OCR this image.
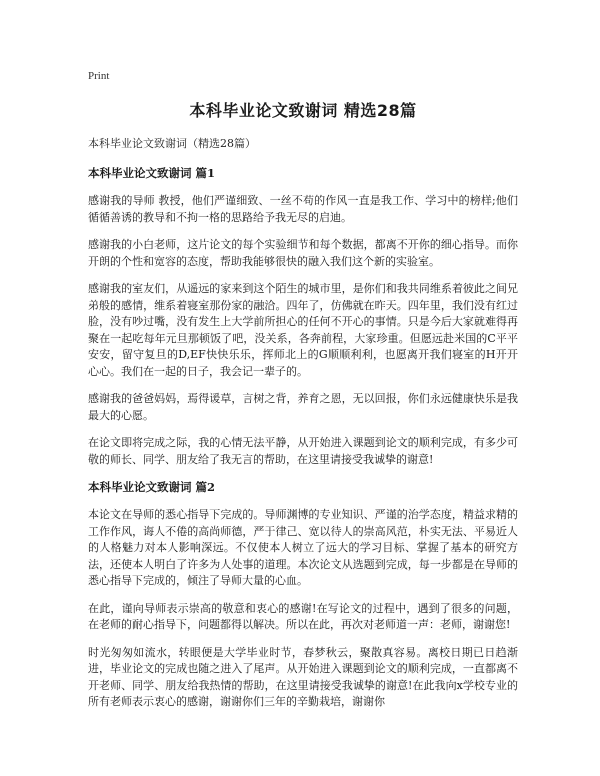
Print
本科毕业论文致谢词 精选28篇
本科毕业论文致谢词（精选28篇）
本科毕业论文致谢词 篇1

感谢我的导师 教授，他们严谨细致、一丝不苟的作风一直是我工作、学习中的榜样;他们循循善诱的教导和不拘一格的思路给予我无尽的启迪。

感谢我的小白老师，这片论文的每个实验细节和每个数据，都离不开你的细心指导。而你开朗的个性和宽容的态度，帮助我能够很快的融入我们这个新的实验室。

感谢我的室友们，从遥远的家来到这个陌生的城市里，是你们和我共同维系着彼此之间兄弟般的感情，维系着寝室那份家的融洽。四年了，仿佛就在昨天。四年里，我们没有红过脸，没有吵过嘴，没有发生上大学前所担心的任何不开心的事情。只是今后大家就难得再聚在一起吃每年元旦那顿饭了吧，没关系，各奔前程，大家珍重。但愿远赴米国的C平平安安，留守复旦的D,EF快快乐乐，挥师北上的G顺顺利利，也愿离开我们寝室的H开开心心。我们在一起的日子，我会记一辈子的。

感谢我的爸爸妈妈，焉得谖草，言树之背，养育之恩，无以回报，你们永远健康快乐是我最大的心愿。

在论文即将完成之际，我的心情无法平静，从开始进入课题到论文的顺利完成，有多少可敬的师长、同学、朋友给了我无言的帮助，在这里请接受我诚挚的谢意!

本科毕业论文致谢词 篇2

本论文在导师的悉心指导下完成的。导师渊博的专业知识、严谨的治学态度，精益求精的工作作风，诲人不倦的高尚师德，严于律己、宽以待人的崇高风范，朴实无法、平易近人的人格魅力对本人影响深远。不仅使本人树立了远大的学习目标、掌握了基本的研究方法，还使本人明白了许多为人处事的道理。本次论文从选题到完成，每一步都是在导师的悉心指导下完成的，倾注了导师大量的心血。

在此，谨向导师表示崇高的敬意和衷心的感谢!在写论文的过程中，遇到了很多的问题，在老师的耐心指导下，问题都得以解决。所以在此，再次对老师道一声：老师，谢谢您!

时光匆匆如流水，转眼便是大学毕业时节，春梦秋云，聚散真容易。离校日期已日趋渐进，毕业论文的完成也随之进入了尾声。从开始进入课题到论文的顺利完成，一直都离不开老师、同学、朋友给我热情的帮助，在这里请接受我诚挚的谢意!在此我向x学校专业的所有老师表示衷心的感谢，谢谢你们三年的辛勤栽培，谢谢你
